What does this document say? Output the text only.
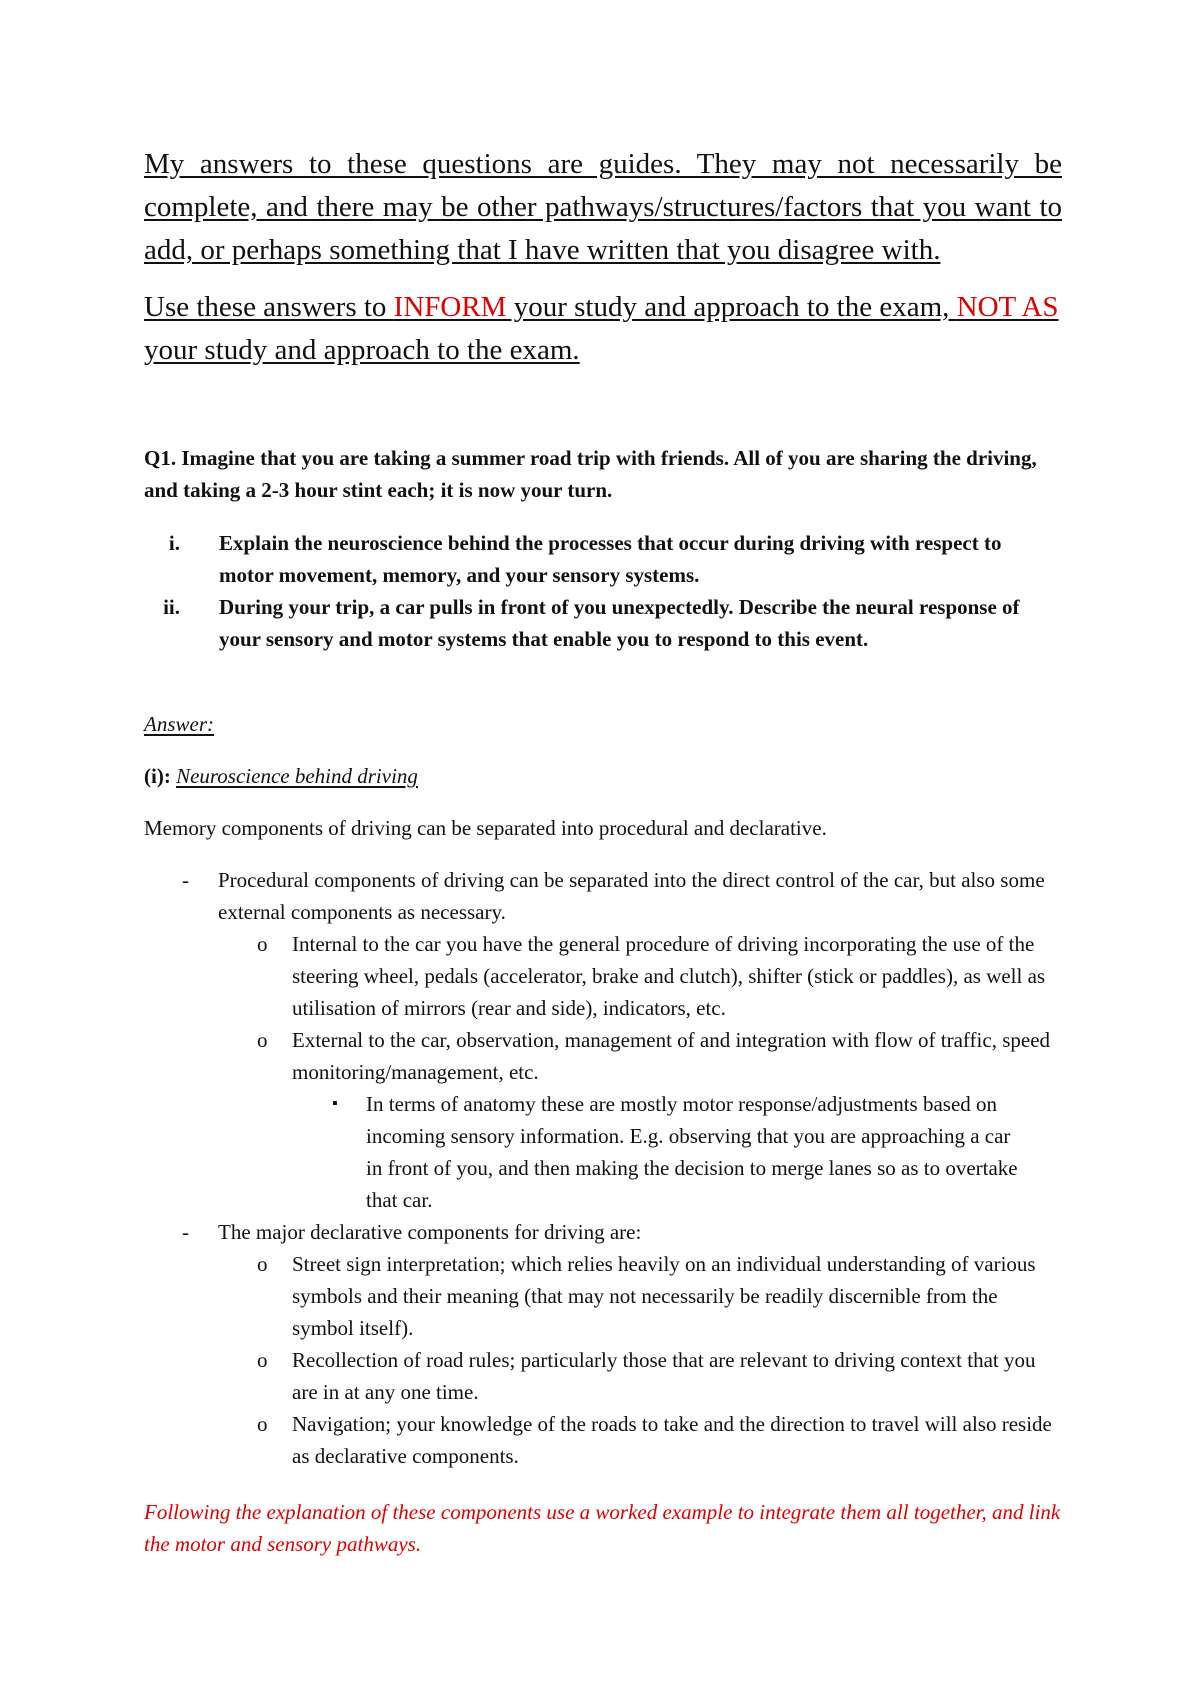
My answers to these questions are guides. They may not necessarily be complete, and there may be other pathways/structures/factors that you want to add, or perhaps something that I have written that you disagree with.

Use these answers to INFORM your study and approach to the exam, NOT AS your study and approach to the exam.

Q1. Imagine that you are taking a summer road trip with friends. All of you are sharing the driving, and taking a 2-3 hour stint each; it is now your turn.

i. Explain the neuroscience behind the processes that occur during driving with respect to motor movement, memory, and your sensory systems.
ii. During your trip, a car pulls in front of you unexpectedly. Describe the neural response of your sensory and motor systems that enable you to respond to this event.
Answer:
(i): Neuroscience behind driving
Memory components of driving can be separated into procedural and declarative.
- Procedural components of driving can be separated into the direct control of the car, but also some external components as necessary.
o Internal to the car you have the general procedure of driving incorporating the use of the steering wheel, pedals (accelerator, brake and clutch), shifter (stick or paddles), as well as utilisation of mirrors (rear and side), indicators, etc.
o External to the car, observation, management of and integration with flow of traffic, speed monitoring/management, etc.
▪ In terms of anatomy these are mostly motor response/adjustments based on incoming sensory information. E.g. observing that you are approaching a car in front of you, and then making the decision to merge lanes so as to overtake that car.
- The major declarative components for driving are:
o Street sign interpretation; which relies heavily on an individual understanding of various symbols and their meaning (that may not necessarily be readily discernible from the symbol itself).
o Recollection of road rules; particularly those that are relevant to driving context that you are in at any one time.
o Navigation; your knowledge of the roads to take and the direction to travel will also reside as declarative components.
Following the explanation of these components use a worked example to integrate them all together, and link the motor and sensory pathways.
